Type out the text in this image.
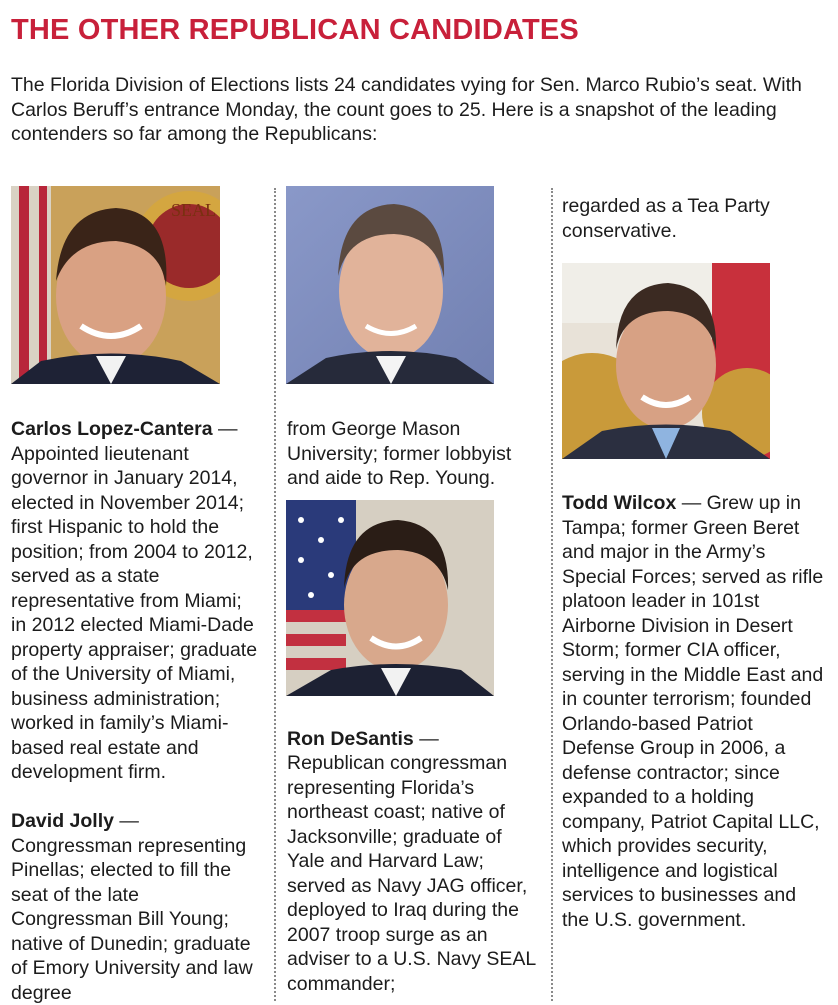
THE OTHER REPUBLICAN CANDIDATES

The Florida Division of Elections lists 24 candidates vying for Sen. Marco Rubio’s seat. With Carlos Beruff’s entrance Monday, the count goes to 25. Here is a snapshot of the leading contenders so far among the Republicans:

SEAL

Carlos Lopez-Cantera — Appointed lieutenant governor in January 2014, elected in November 2014; first Hispanic to hold the position; from 2004 to 2012, served as a state representative from Miami; in 2012 elected Miami-Dade property appraiser; graduate of the University of Miami, business administration; worked in family’s Miami-based real estate and development firm.

David Jolly — Congressman representing Pinellas; elected to fill the seat of the late Congressman Bill Young; native of Dunedin; graduate of Emory University and law degree

from George Mason University; former lobbyist and aide to Rep. Young.

Ron DeSantis — Republican congressman representing Florida’s northeast coast; native of Jacksonville; graduate of Yale and Harvard Law; served as Navy JAG officer, deployed to Iraq during the 2007 troop surge as an adviser to a U.S. Navy SEAL commander;

regarded as a Tea Party conservative.

Todd Wilcox — Grew up in Tampa; former Green Beret and major in the Army’s Special Forces; served as rifle platoon leader in 101st Airborne Division in Desert Storm; former CIA officer, serving in the Middle East and in counter terrorism; founded Orlando-based Patriot Defense Group in 2006, a defense contractor; since expanded to a holding company, Patriot Capital LLC, which provides security, intelligence and logistical services to businesses and the U.S. government.
